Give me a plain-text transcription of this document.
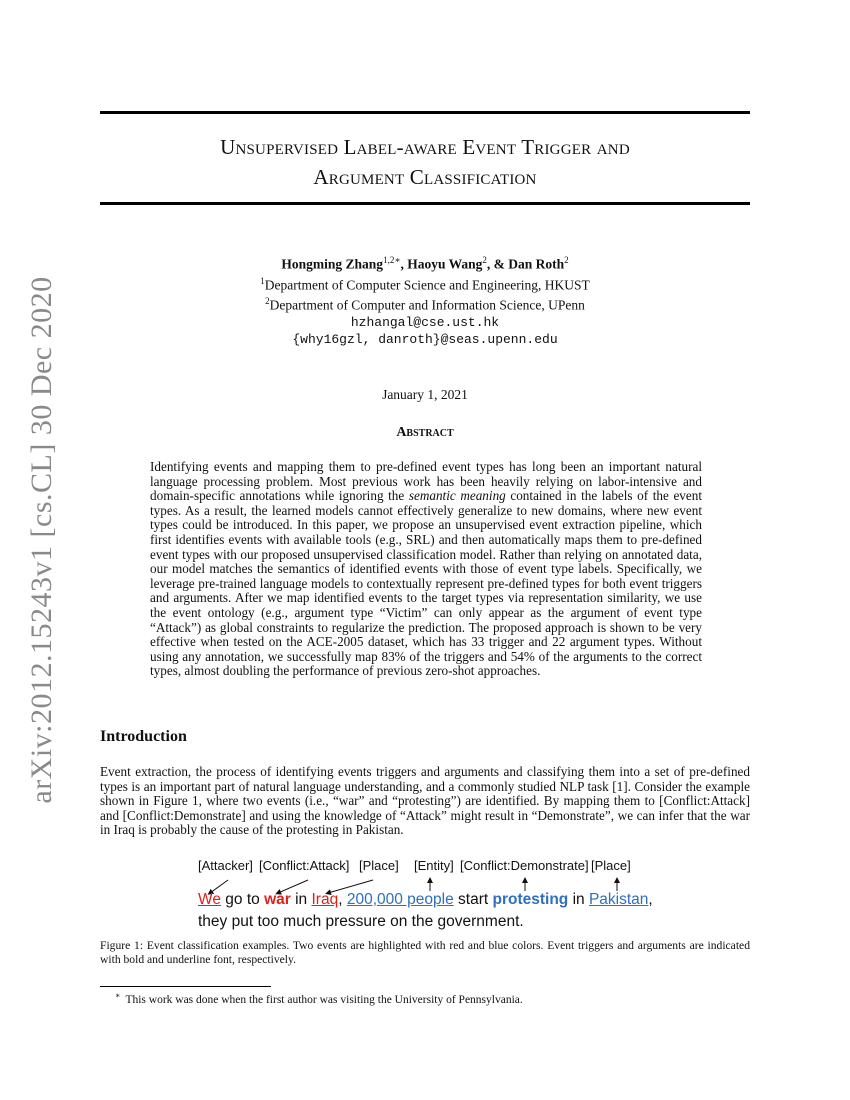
arXiv:2012.15243v1 [cs.CL] 30 Dec 2020
Unsupervised Label-aware Event Trigger and
Argument Classification
Hongming Zhang$^{1,2∗}$, Haoyu Wang$^2$, & Dan Roth$^2$
$^1$Department of Computer Science and Engineering, HKUST
$^2$Department of Computer and Information Science, UPenn
hzhangal@cse.ust.hk
{why16gzl, danroth}@seas.upenn.edu
January 1, 2021
Abstract
Identifying events and mapping them to pre-defined event types has long been an important natural language processing problem. Most previous work has been heavily relying on labor-intensive and domain-specific annotations while ignoring the semantic meaning contained in the labels of the event types. As a result, the learned models cannot effectively generalize to new domains, where new event types could be introduced. In this paper, we propose an unsupervised event extraction pipeline, which first identifies events with available tools (e.g., SRL) and then automatically maps them to pre-defined event types with our proposed unsupervised classification model. Rather than relying on annotated data, our model matches the semantics of identified events with those of event type labels. Specifically, we leverage pre-trained language models to contextually represent pre-defined types for both event triggers and arguments. After we map identified events to the target types via representation similarity, we use the event ontology (e.g., argument type “Victim” can only appear as the argument of event type “Attack”) as global constraints to regularize the prediction. The proposed approach is shown to be very effective when tested on the ACE-2005 dataset, which has 33 trigger and 22 argument types. Without using any annotation, we successfully map 83% of the triggers and 54% of the arguments to the correct types, almost doubling the performance of previous zero-shot approaches.
Introduction
Event extraction, the process of identifying events triggers and arguments and classifying them into a set of pre-defined types is an important part of natural language understanding, and a commonly studied NLP task [1]. Consider the example shown in Figure 1, where two events (i.e., “war” and “protesting”) are identified. By mapping them to [Conflict:Attack] and [Conflict:Demonstrate] and using the knowledge of “Attack” might result in “Demonstrate”, we can infer that the war in Iraq is probably the cause of the protesting in Pakistan.
[Attacker] [Conflict:Attack] [Place] [Entity] [Conflict:Demonstrate] [Place]
We go to war in Iraq, 200,000 people start protesting in Pakistan,
they put too much pressure on the government.
Figure 1: Event classification examples. Two events are highlighted with red and blue colors. Event triggers and arguments are indicated with bold and underline font, respectively.
∗ This work was done when the first author was visiting the University of Pennsylvania.
